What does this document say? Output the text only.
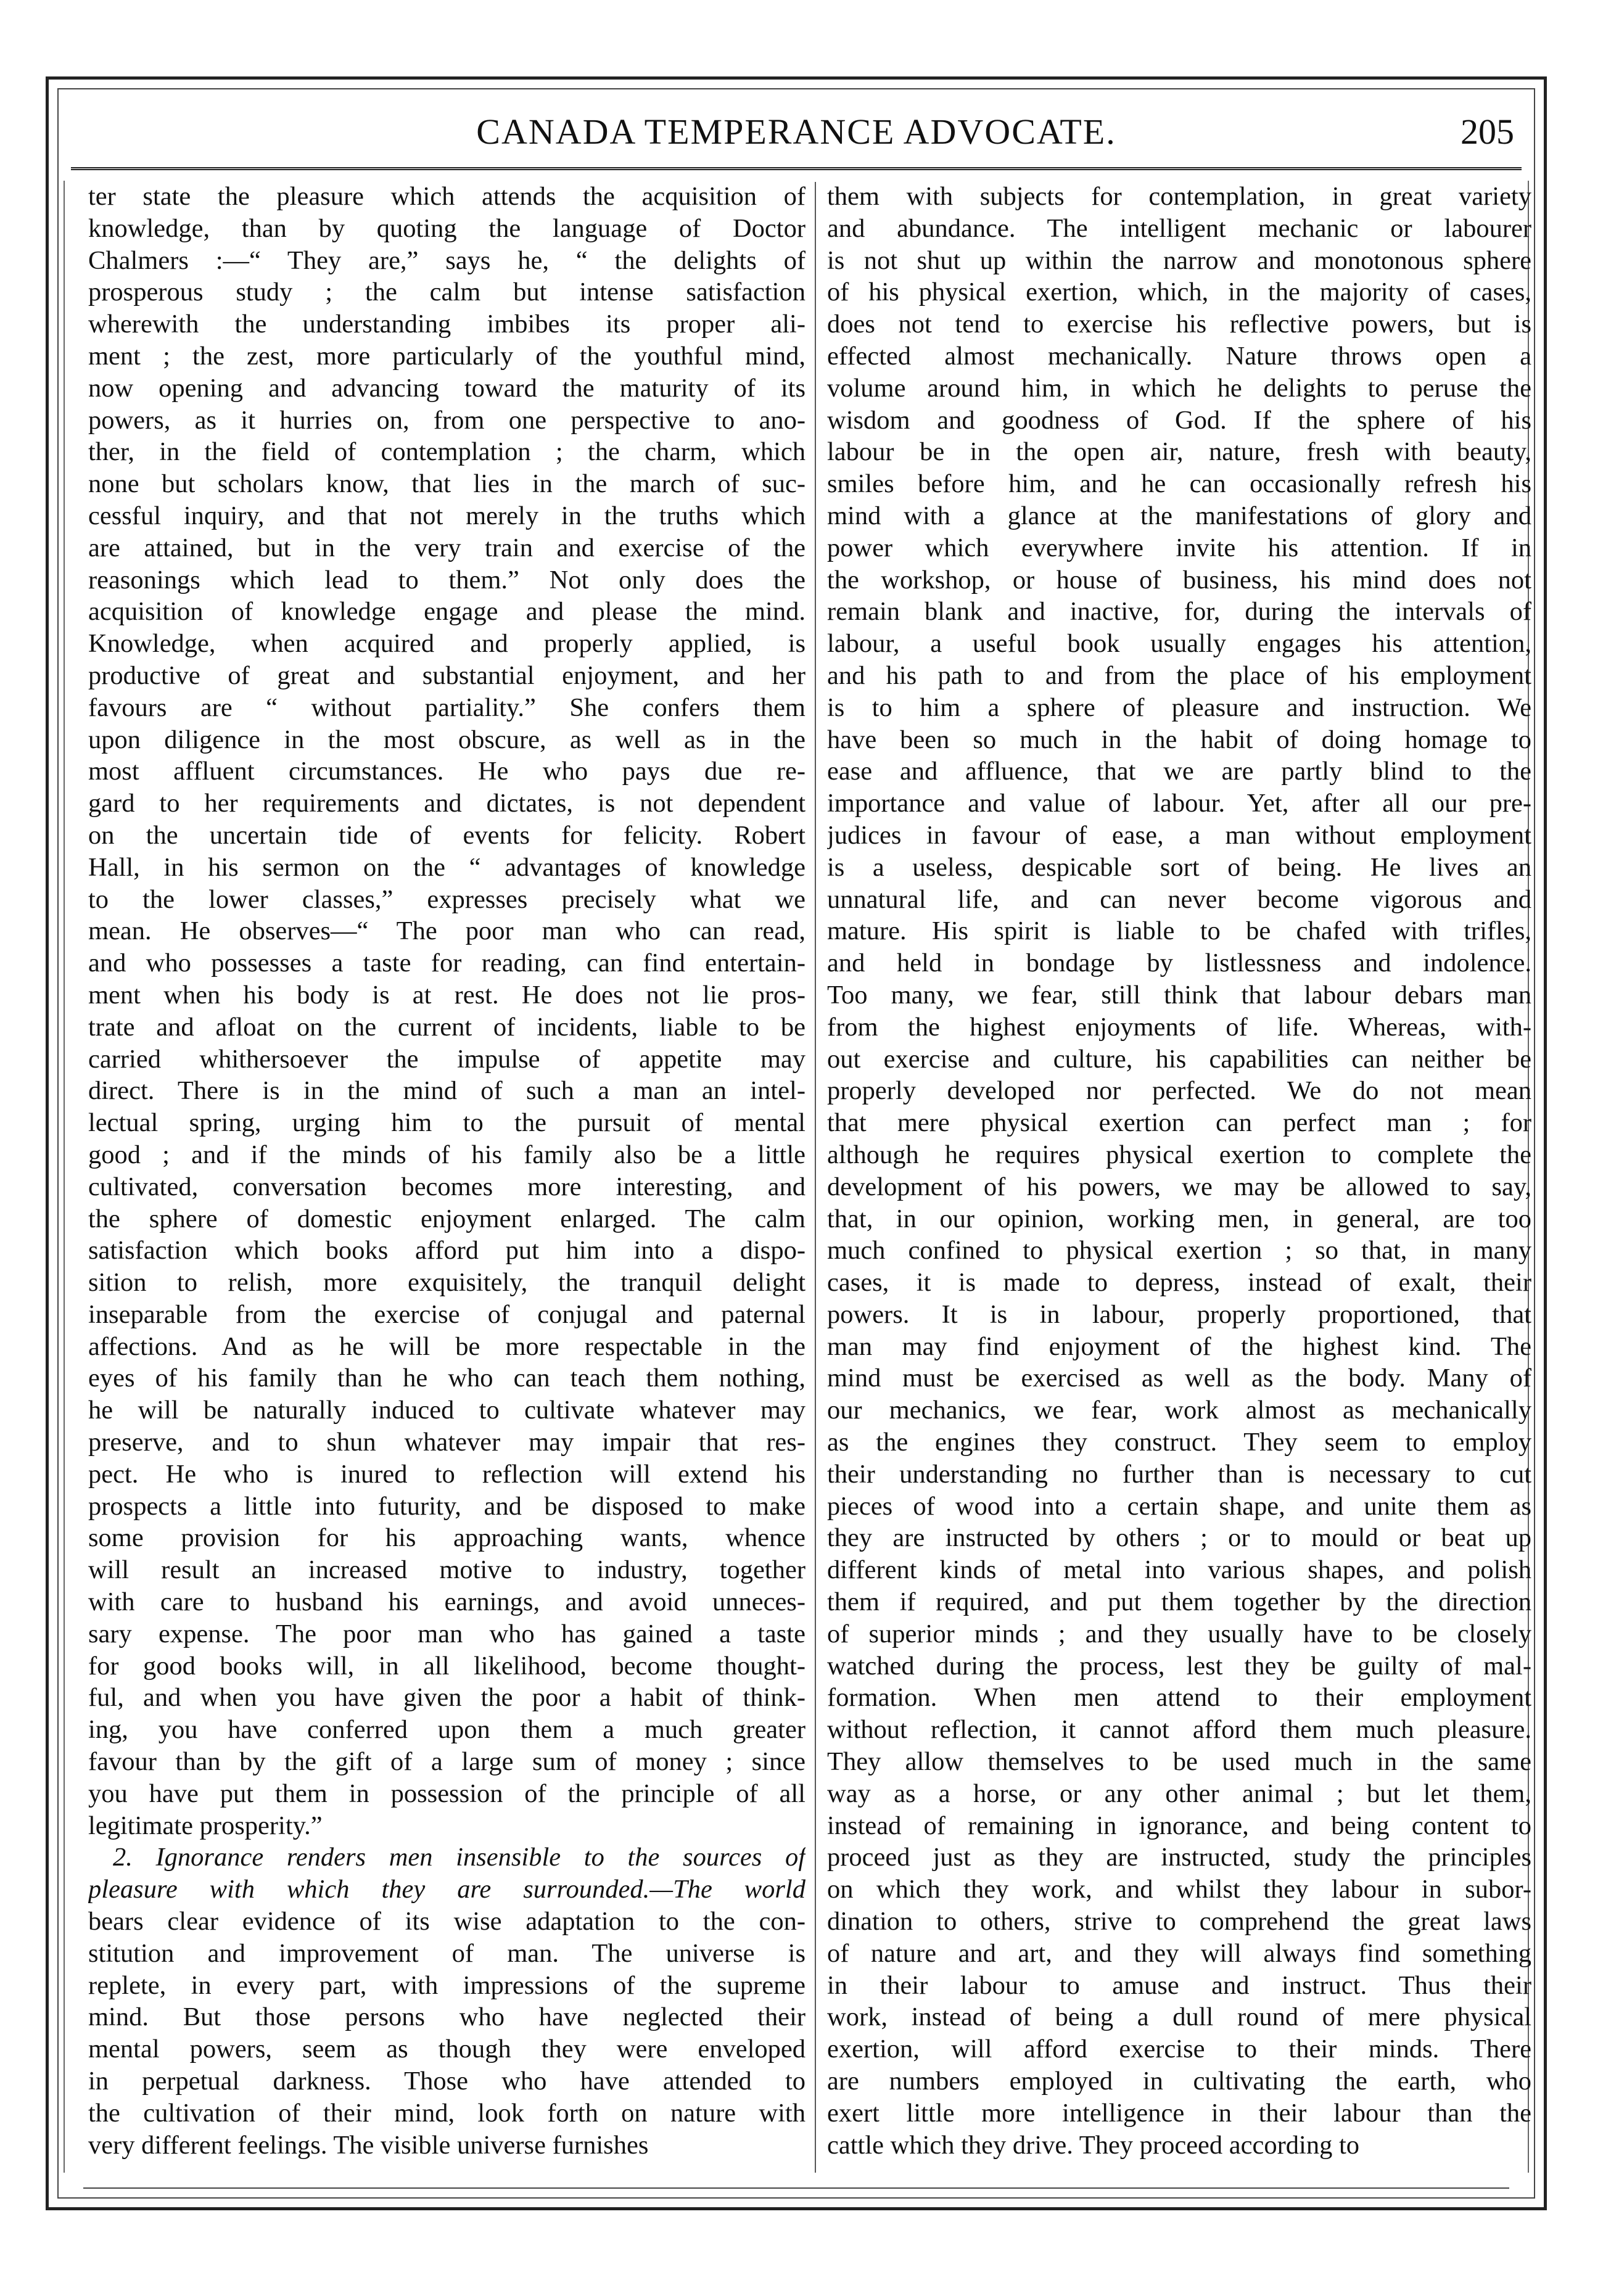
CANADA TEMPERANCE ADVOCATE.	205
ter state the pleasure which attends the acquisition of
knowledge, than by quoting the language of Doctor
Chalmers :—“ They are,” says he, “ the delights of
prosperous study ; the calm but intense satisfaction
wherewith the understanding imbibes its proper ali-
ment ; the zest, more particularly of the youthful mind,
now opening and advancing toward the maturity of its
powers, as it hurries on, from one perspective to ano-
ther, in the field of contemplation ; the charm, which
none but scholars know, that lies in the march of suc-
cessful inquiry, and that not merely in the truths which
are attained, but in the very train and exercise of the
reasonings which lead to them.” Not only does the
acquisition of knowledge engage and please the mind.
Knowledge, when acquired and properly applied, is
productive of great and substantial enjoyment, and her
favours are “ without partiality.” She confers them
upon diligence in the most obscure, as well as in the
most affluent circumstances. He who pays due re-
gard to her requirements and dictates, is not dependent
on the uncertain tide of events for felicity. Robert
Hall, in his sermon on the “ advantages of knowledge
to the lower classes,” expresses precisely what we
mean. He observes—“ The poor man who can read,
and who possesses a taste for reading, can find entertain-
ment when his body is at rest. He does not lie pros-
trate and afloat on the current of incidents, liable to be
carried whithersoever the impulse of appetite may
direct. There is in the mind of such a man an intel-
lectual spring, urging him to the pursuit of mental
good ; and if the minds of his family also be a little
cultivated, conversation becomes more interesting, and
the sphere of domestic enjoyment enlarged. The calm
satisfaction which books afford put him into a dispo-
sition to relish, more exquisitely, the tranquil delight
inseparable from the exercise of conjugal and paternal
affections. And as he will be more respectable in the
eyes of his family than he who can teach them nothing,
he will be naturally induced to cultivate whatever may
preserve, and to shun whatever may impair that res-
pect. He who is inured to reflection will extend his
prospects a little into futurity, and be disposed to make
some provision for his approaching wants, whence
will result an increased motive to industry, together
with care to husband his earnings, and avoid unneces-
sary expense. The poor man who has gained a taste
for good books will, in all likelihood, become thought-
ful, and when you have given the poor a habit of think-
ing, you have conferred upon them a much greater
favour than by the gift of a large sum of money ; since
you have put them in possession of the principle of all
legitimate prosperity.”
2. Ignorance renders men insensible to the sources of
pleasure with which they are surrounded.—The world
bears clear evidence of its wise adaptation to the con-
stitution and improvement of man. The universe is
replete, in every part, with impressions of the supreme
mind. But those persons who have neglected their
mental powers, seem as though they were enveloped
in perpetual darkness. Those who have attended to
the cultivation of their mind, look forth on nature with
very different feelings. The visible universe furnishes
them with subjects for contemplation, in great variety
and abundance. The intelligent mechanic or labourer
is not shut up within the narrow and monotonous sphere
of his physical exertion, which, in the majority of cases,
does not tend to exercise his reflective powers, but is
effected almost mechanically. Nature throws open a
volume around him, in which he delights to peruse the
wisdom and goodness of God. If the sphere of his
labour be in the open air, nature, fresh with beauty,
smiles before him, and he can occasionally refresh his
mind with a glance at the manifestations of glory and
power which everywhere invite his attention. If in
the workshop, or house of business, his mind does not
remain blank and inactive, for, during the intervals of
labour, a useful book usually engages his attention,
and his path to and from the place of his employment
is to him a sphere of pleasure and instruction. We
have been so much in the habit of doing homage to
ease and affluence, that we are partly blind to the
importance and value of labour. Yet, after all our pre-
judices in favour of ease, a man without employment
is a useless, despicable sort of being. He lives an
unnatural life, and can never become vigorous and
mature. His spirit is liable to be chafed with trifles,
and held in bondage by listlessness and indolence.
Too many, we fear, still think that labour debars man
from the highest enjoyments of life. Whereas, with-
out exercise and culture, his capabilities can neither be
properly developed nor perfected. We do not mean
that mere physical exertion can perfect man ; for
although he requires physical exertion to complete the
development of his powers, we may be allowed to say,
that, in our opinion, working men, in general, are too
much confined to physical exertion ; so that, in many
cases, it is made to depress, instead of exalt, their
powers. It is in labour, properly proportioned, that
man may find enjoyment of the highest kind. The
mind must be exercised as well as the body. Many of
our mechanics, we fear, work almost as mechanically
as the engines they construct. They seem to employ
their understanding no further than is necessary to cut
pieces of wood into a certain shape, and unite them as
they are instructed by others ; or to mould or beat up
different kinds of metal into various shapes, and polish
them if required, and put them together by the direction
of superior minds ; and they usually have to be closely
watched during the process, lest they be guilty of mal-
formation. When men attend to their employment
without reflection, it cannot afford them much pleasure.
They allow themselves to be used much in the same
way as a horse, or any other animal ; but let them,
instead of remaining in ignorance, and being content to
proceed just as they are instructed, study the principles
on which they work, and whilst they labour in subor-
dination to others, strive to comprehend the great laws
of nature and art, and they will always find something
in their labour to amuse and instruct. Thus their
work, instead of being a dull round of mere physical
exertion, will afford exercise to their minds. There
are numbers employed in cultivating the earth, who
exert little more intelligence in their labour than the
cattle which they drive. They proceed according to
